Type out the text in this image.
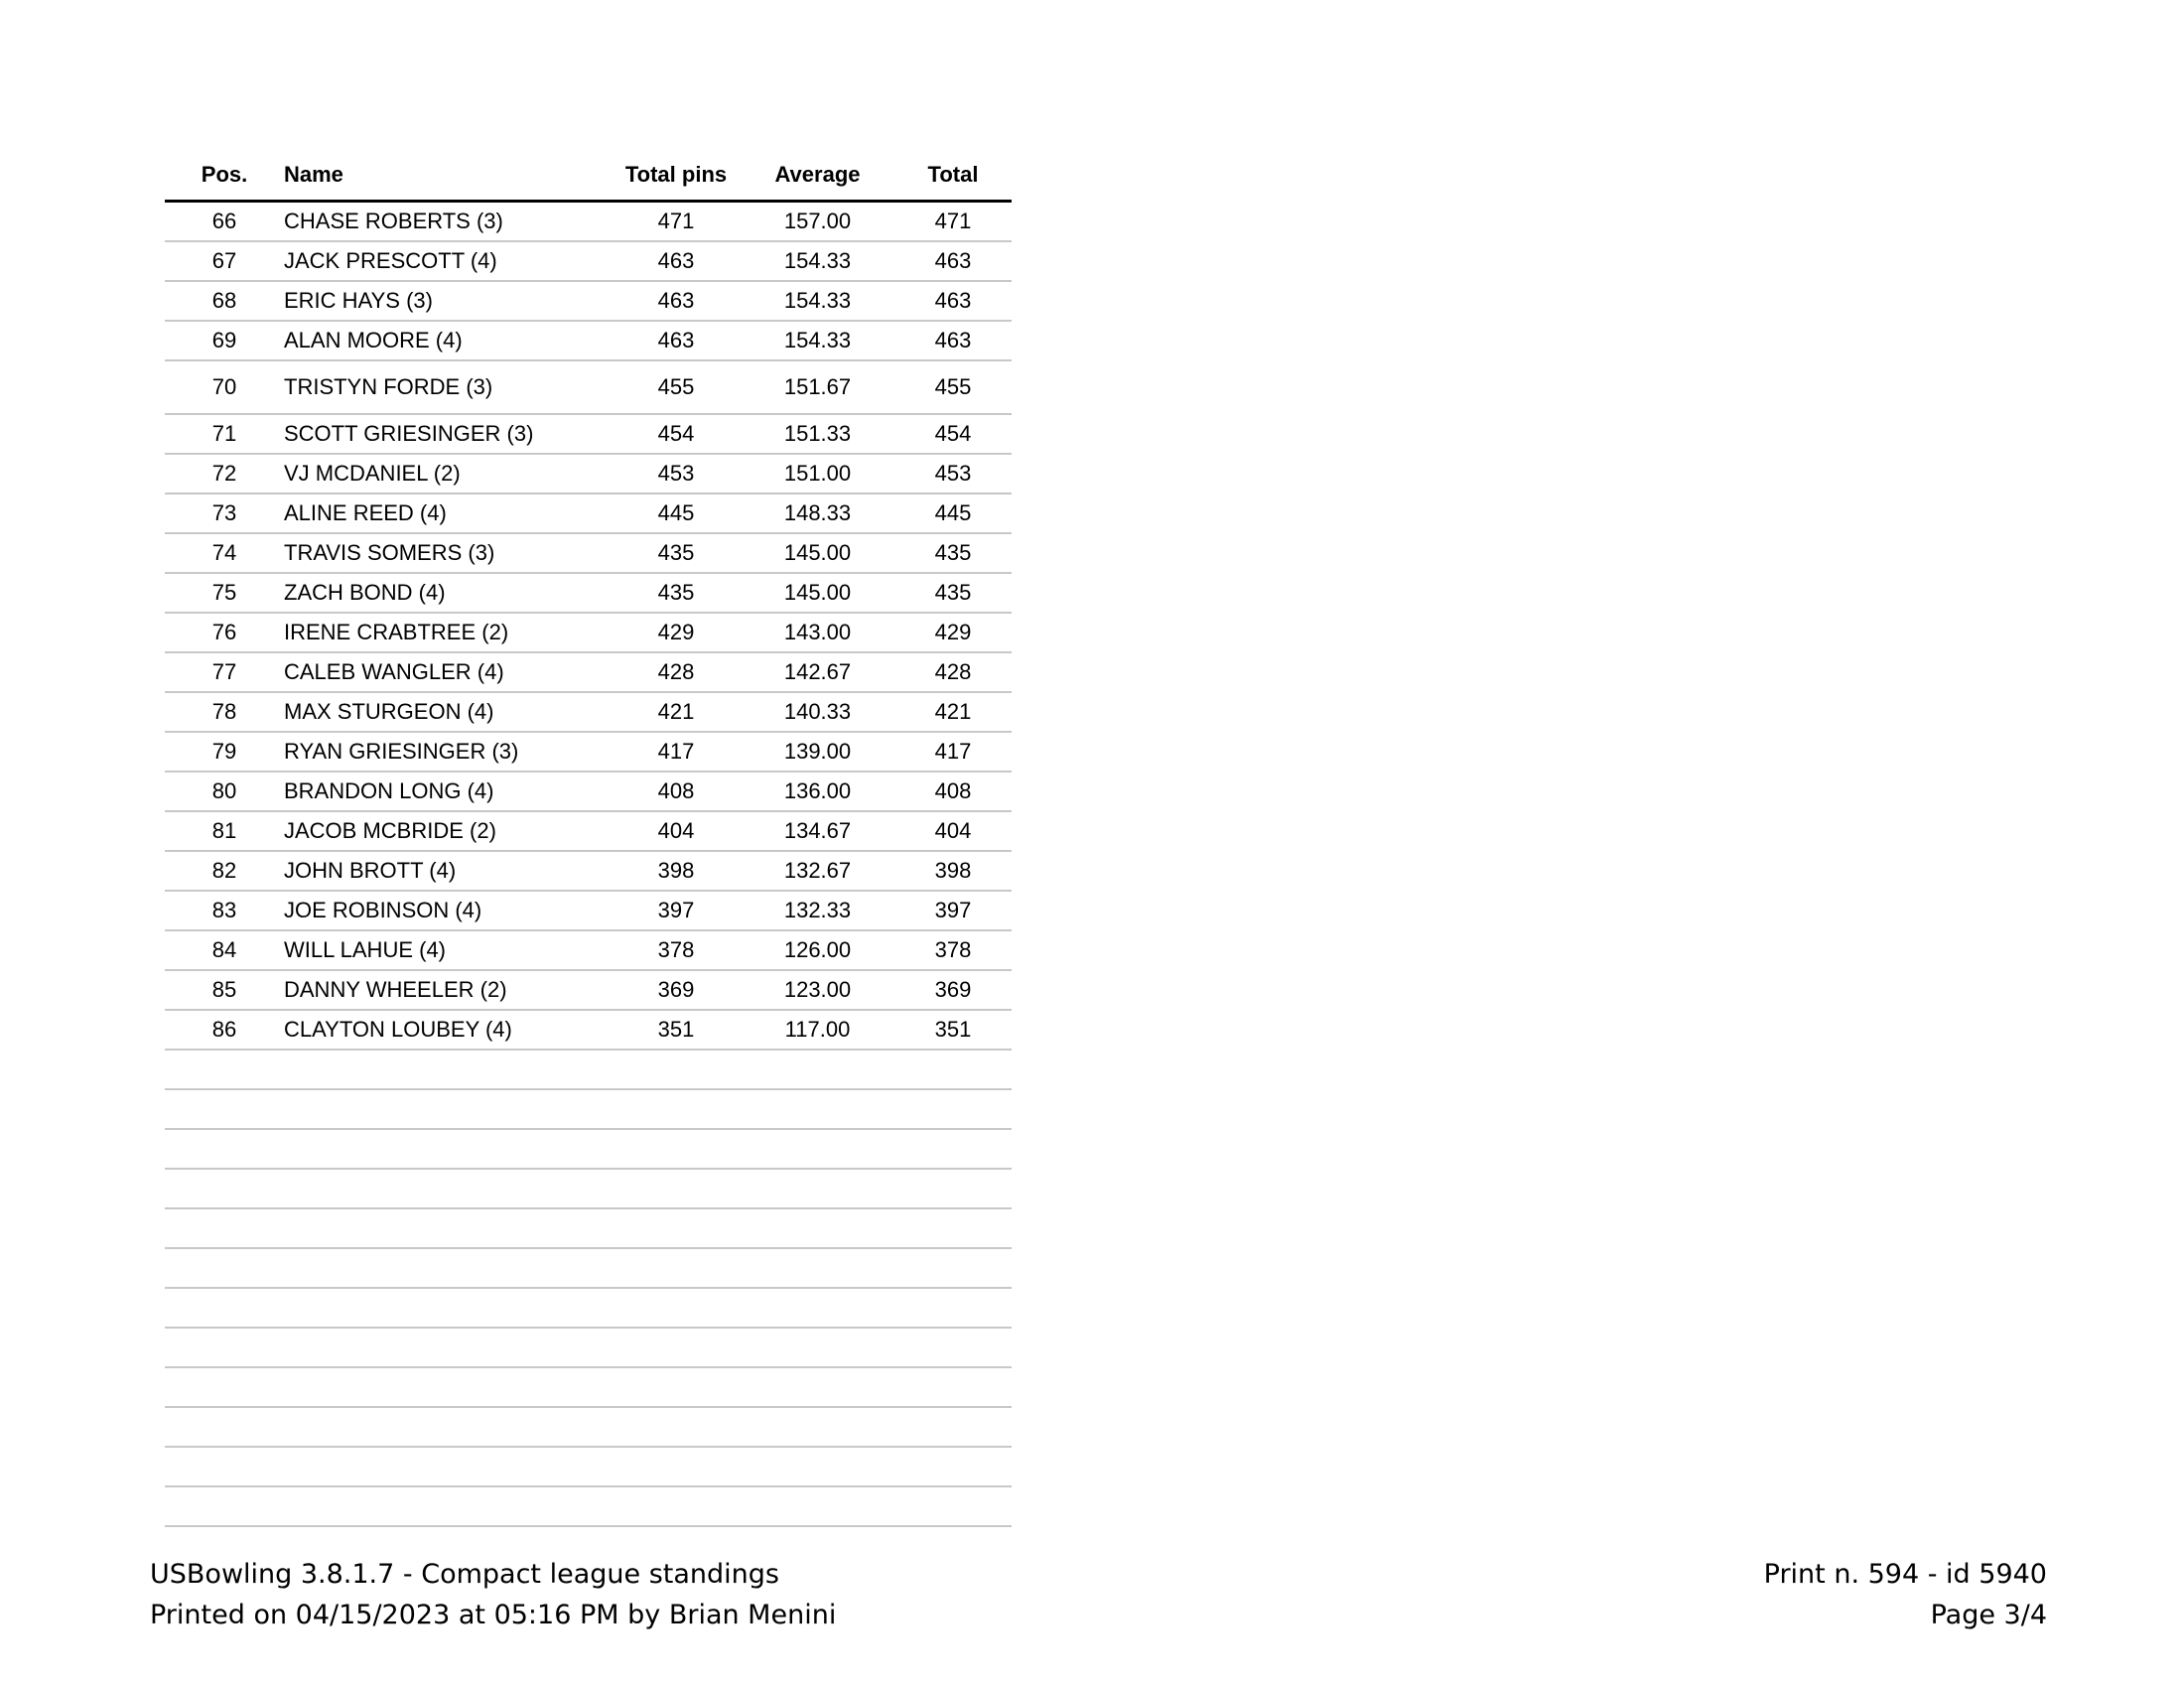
Pos.	Name	Total pins	Average	Total
66	CHASE ROBERTS (3)	471	157.00	471
67	JACK PRESCOTT (4)	463	154.33	463
68	ERIC HAYS (3)	463	154.33	463
69	ALAN MOORE (4)	463	154.33	463
70	TRISTYN FORDE (3)	455	151.67	455
71	SCOTT GRIESINGER (3)	454	151.33	454
72	VJ MCDANIEL (2)	453	151.00	453
73	ALINE REED (4)	445	148.33	445
74	TRAVIS SOMERS (3)	435	145.00	435
75	ZACH BOND (4)	435	145.00	435
76	IRENE CRABTREE (2)	429	143.00	429
77	CALEB WANGLER (4)	428	142.67	428
78	MAX STURGEON (4)	421	140.33	421
79	RYAN GRIESINGER (3)	417	139.00	417
80	BRANDON LONG (4)	408	136.00	408
81	JACOB MCBRIDE (2)	404	134.67	404
82	JOHN BROTT (4)	398	132.67	398
83	JOE ROBINSON (4)	397	132.33	397
84	WILL LAHUE (4)	378	126.00	378
85	DANNY WHEELER (2)	369	123.00	369
86	CLAYTON LOUBEY (4)	351	117.00	351
USBowling 3.8.1.7 - Compact league standings
Printed on 04/15/2023 at 05:16 PM by Brian Menini
Print n. 594 - id 5940
Page 3/4
